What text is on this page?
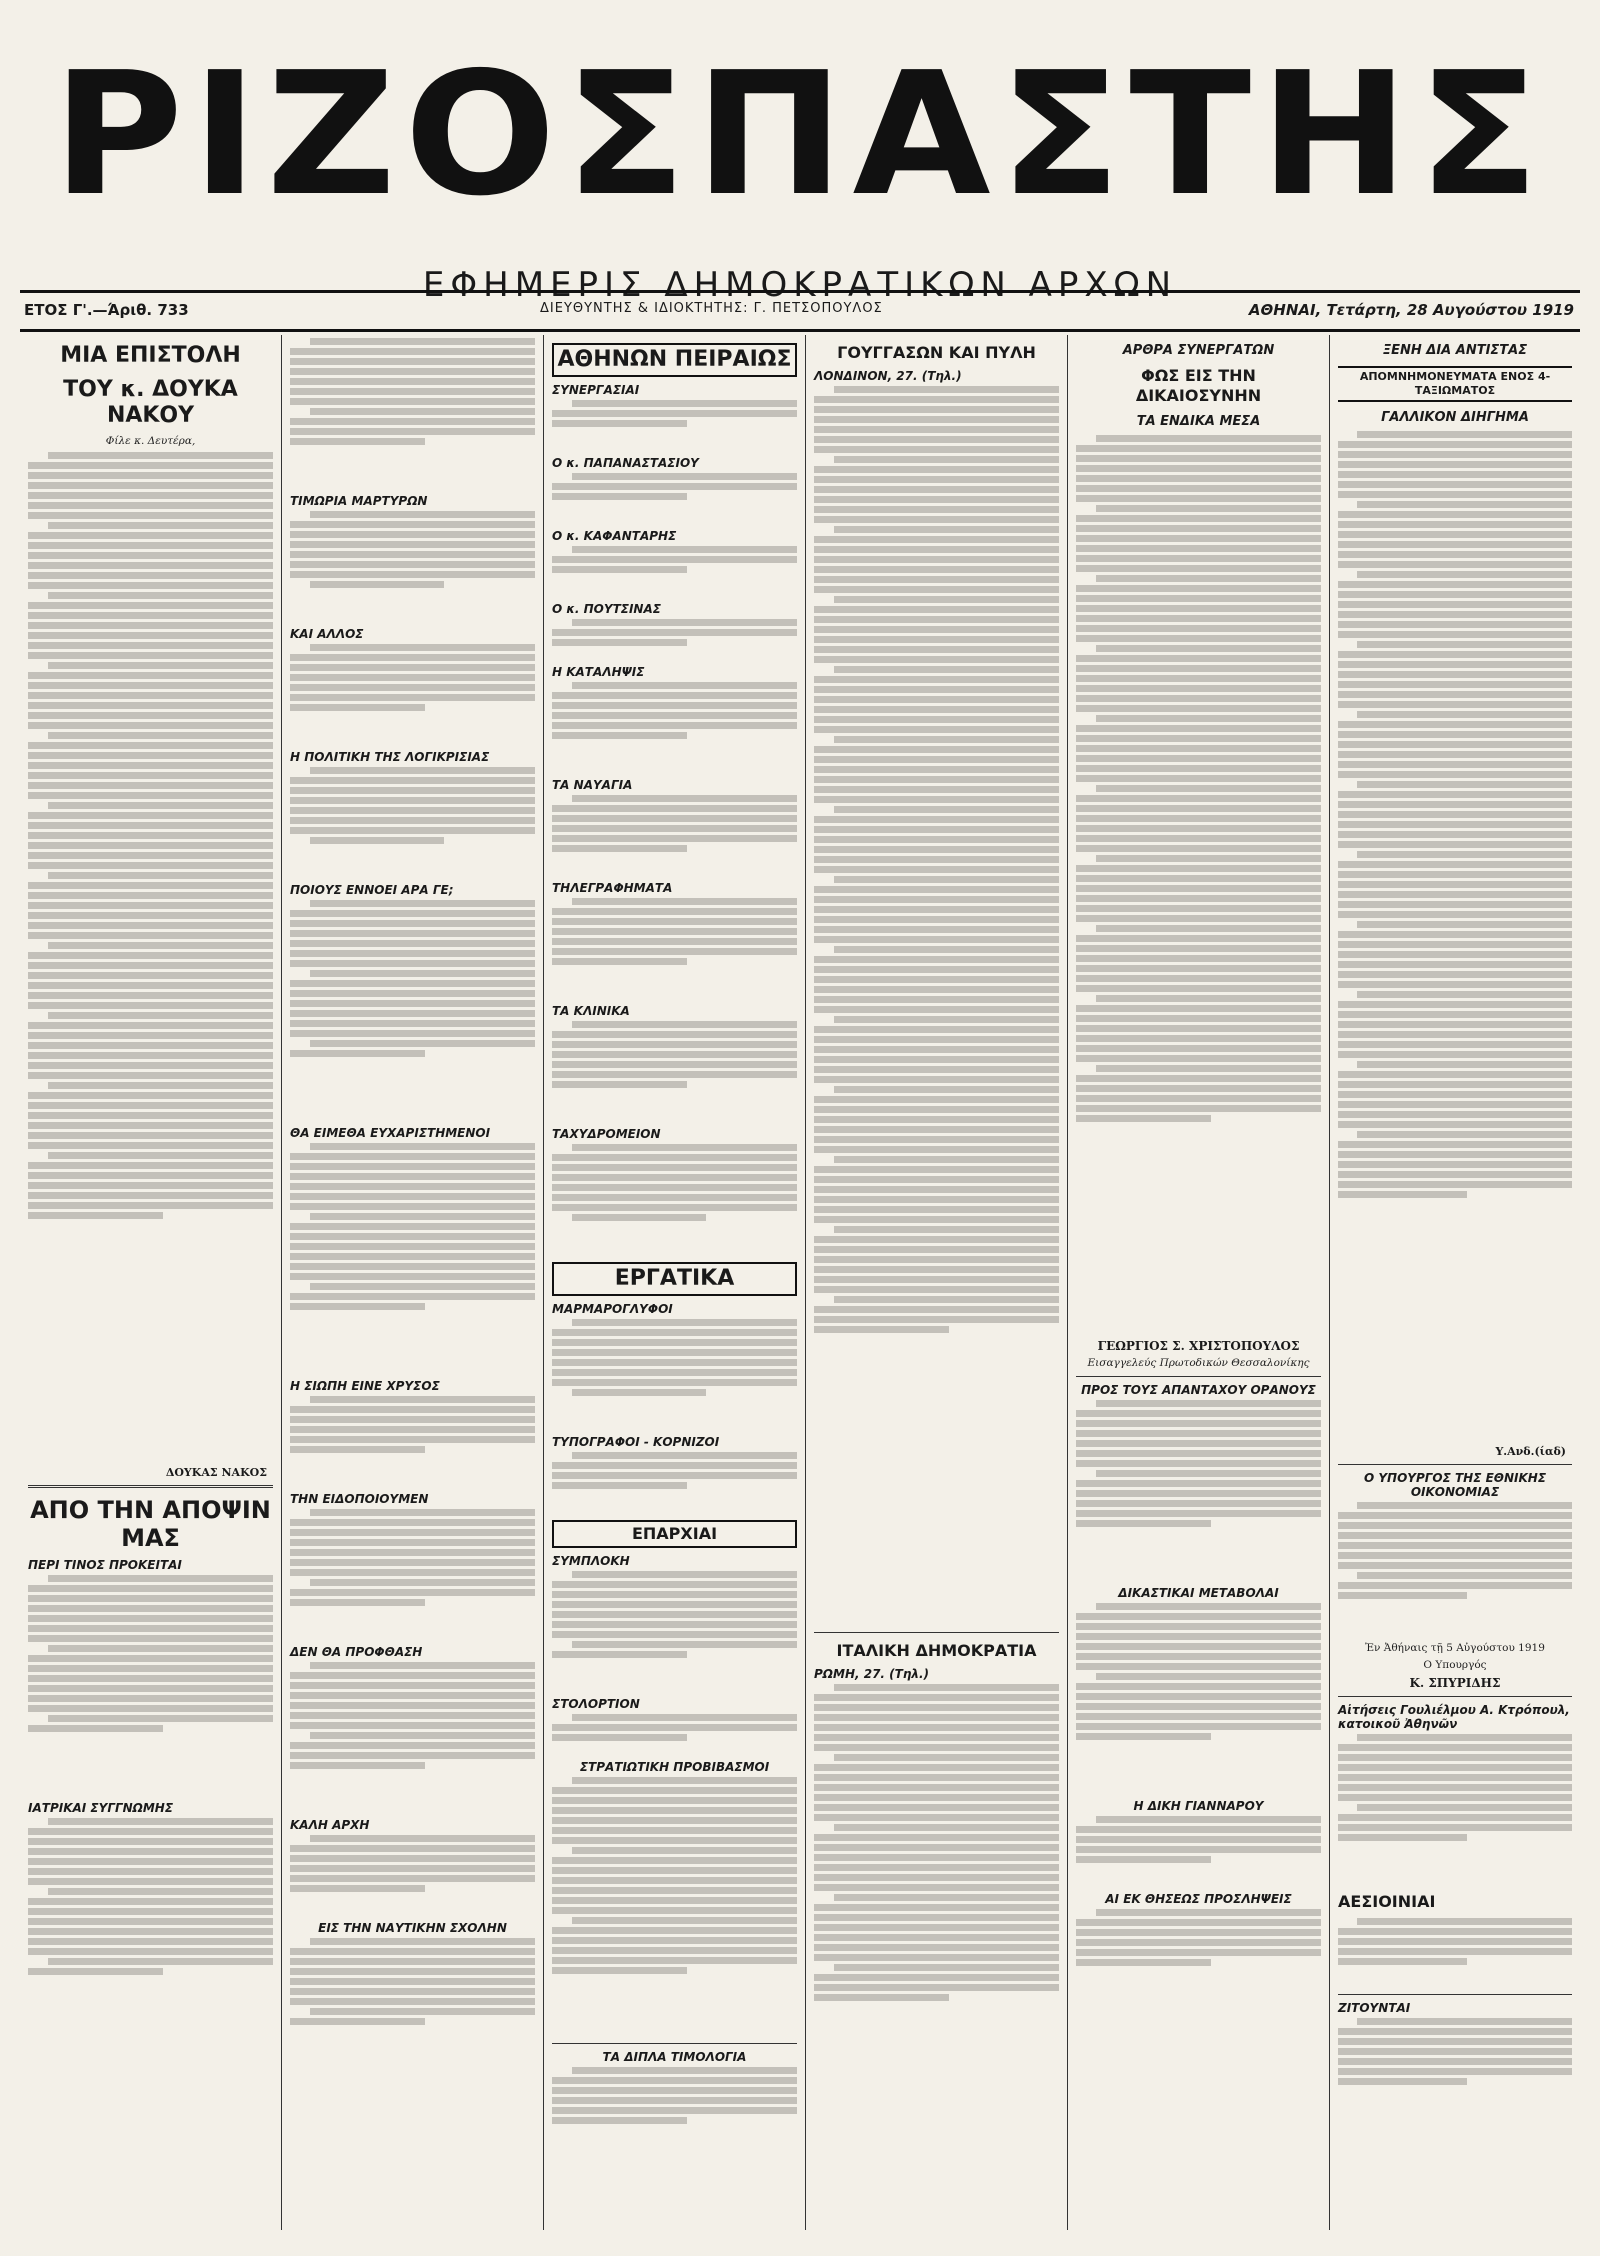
ΡΙΖΟΣΠΑΣΤΗΣ
ΕΦΗΜΕΡΙΣ ΔΗΜΟΚΡΑΤΙΚΩΝ ΑΡΧΩΝ
ΕΤΟΣ Γ'.—Άριθ. 733	ΔΙΕΥΘΥΝΤΗΣ & ΙΔΙΟΚΤΗΤΗΣ: Γ. ΠΕΤΣΟΠΟΥΛΟΣ	ΑΘΗΝΑΙ, Τετάρτη, 28 Αυγούστου 1919
ΜΙΑ ΕΠΙΣΤΟΛΗ
ΤΟΥ κ. ΔΟΥΚΑ ΝΑΚΟΥ
Φίλε κ. Δευτέρα,
ΔΟΥΚΑΣ ΝΑΚΟΣ
ΑΠΟ ΤΗΝ ΑΠΟΨΙΝ ΜΑΣ
ΠΕΡΙ ΤΙΝΟΣ ΠΡΟΚΕΙΤΑΙ
ΙΑΤΡΙΚΑΙ ΣΥΓΓΝΩΜΗΣ
ΤΙΜΩΡΙΑ ΜΑΡΤΥΡΩΝ
ΚΑΙ ΑΛΛΟΣ
Η ΠΟΛΙΤΙΚΗ ΤΗΣ ΛΟΓΙΚΡΙΣΙΑΣ
ΠΟΙΟΥΣ ΕΝΝΟΕΙ ΑΡΑ ΓΕ;
ΘΑ ΕΙΜΕΘΑ ΕΥΧΑΡΙΣΤΗΜΕΝΟΙ
Η ΣΙΩΠΗ ΕΙΝΕ ΧΡΥΣΟΣ
ΤΗΝ ΕΙΔΟΠΟΙΟΥΜΕΝ
ΔΕΝ ΘΑ ΠΡΟΦΘΑΣΗ
ΚΑΛΗ ΑΡΧΗ
ΕΙΣ ΤΗΝ ΝΑΥΤΙΚΗΝ ΣΧΟΛΗΝ
ΑΘΗΝΩΝ ΠΕΙΡΑΙΩΣ
ΣΥΝΕΡΓΑΣΙΑΙ
Ο κ. ΠΑΠΑΝΑΣΤΑΣΙΟΥ
Ο κ. ΚΑΦΑΝΤΑΡΗΣ
Ο κ. ΠΟΥΤΣΙΝΑΣ
Η ΚΑΤΑΛΗΨΙΣ
ΤΑ ΝΑΥΑΓΙΑ
ΤΗΛΕΓΡΑΦΗΜΑΤΑ
ΤΑ ΚΛΙΝΙΚΑ
ΤΑΧΥΔΡΟΜΕΙΟΝ
ΕΡΓΑΤΙΚΑ
ΜΑΡΜΑΡΟΓΛΥΦΟΙ
ΤΥΠΟΓΡΑΦΟΙ - ΚΟΡΝΙΖΟΙ
ΕΠΑΡΧΙΑΙ
ΣΥΜΠΛΟΚΗ
ΣΤΟΛΟΡΤΙΟΝ
ΣΤΡΑΤΙΩΤΙΚΗ ΠΡΟΒΙΒΑΣΜΟΙ
ΤΑ ΔΙΠΛΑ ΤΙΜΟΛΟΓΙΑ
ΓΟΥΓΓΑΣΩΝ ΚΑΙ ΠΥΛΗ
ΛΟΝΔΙΝΟΝ, 27. (Τηλ.)
ΙΤΑΛΙΚΗ ΔΗΜΟΚΡΑΤΙΑ
ΡΩΜΗ, 27. (Τηλ.)
ΑΡΘΡΑ ΣΥΝΕΡΓΑΤΩΝ
ΦΩΣ ΕΙΣ ΤΗΝ ΔΙΚΑΙΟΣΥΝΗΝ
ΤΑ ΕΝΔΙΚΑ ΜΕΣΑ
ΓΕΩΡΓΙΟΣ Σ. ΧΡΙΣΤΟΠΟΥΛΟΣ
Εισαγγελεύς Πρωτοδικών Θεσσαλονίκης
ΠΡΟΣ ΤΟΥΣ ΑΠΑΝΤΑΧΟΥ ΟΡΑΝΟΥΣ
ΔΙΚΑΣΤΙΚΑΙ ΜΕΤΑΒΟΛΑΙ
Η ΔΙΚΗ ΓΙΑΝΝΑΡΟΥ
ΑΙ ΕΚ ΘΗΣΕΩΣ ΠΡΟΣΛΗΨΕΙΣ
ΞΕΝΗ ΔΙΑ ΑΝΤΙΣΤΑΣ
ΑΠΟΜΝΗΜΟΝΕΥΜΑΤΑ ΕΝΟΣ 4-ΤΑΞΙΩΜΑΤΟΣ
ΓΑΛΛΙΚΟΝ ΔΙΗΓΗΜΑ
Υ.Ανδ.(ίαδ)
Ο ΥΠΟΥΡΓΟΣ ΤΗΣ ΕΘΝΙΚΗΣ ΟΙΚΟΝΟΜΙΑΣ
Ἐν Ἀθήναις τῇ 5 Αὐγούστου 1919
Ο Υπουργός
Κ. ΣΠΥΡΙΔΗΣ
Αἰτήσεις Γουλιέλμου Α. Κτρόπουλ, κατοικοῦ Ἀθηνῶν
ΑΕΣΙΟΙΝΙΑΙ
ΖΙΤΟΥΝΤΑΙ
